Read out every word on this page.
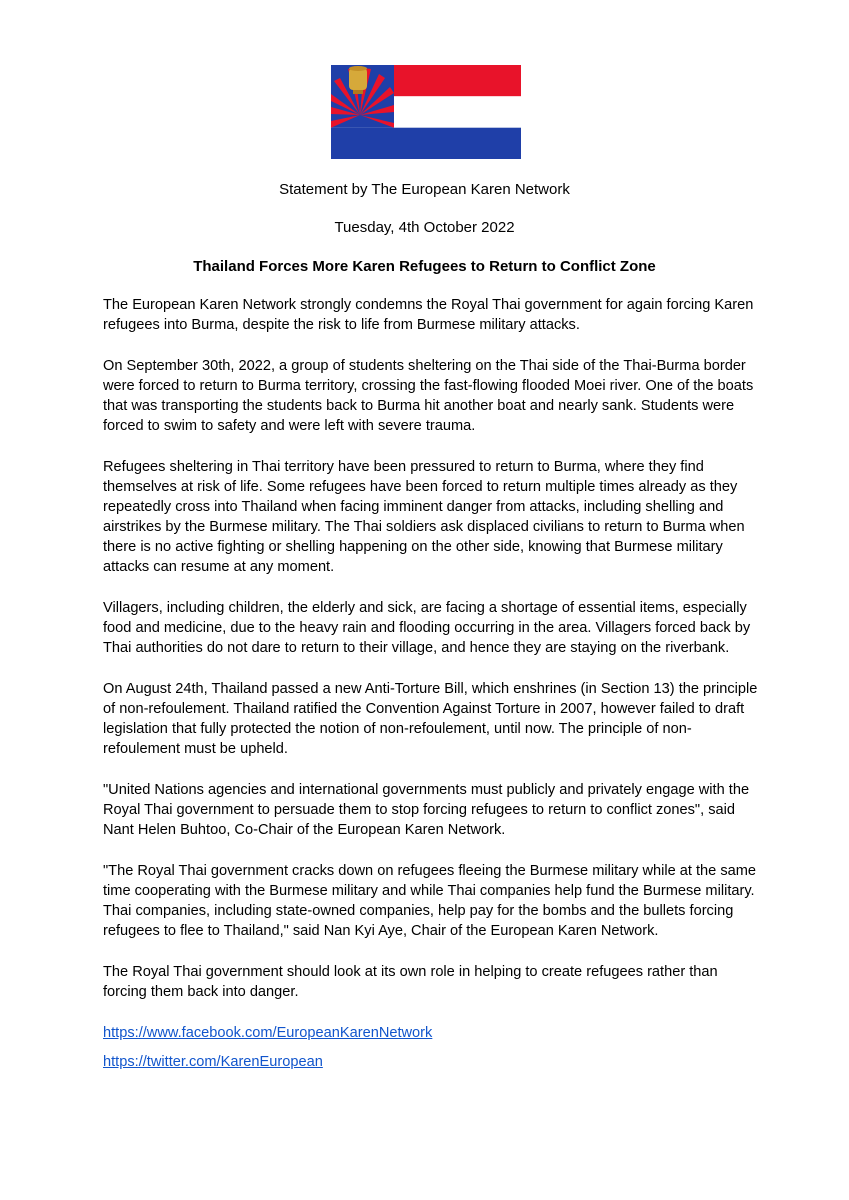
Statement by The European Karen Network

Tuesday, 4th October 2022

Thailand Forces More Karen Refugees to Return to Conflict Zone

The European Karen Network strongly condemns the Royal Thai government for again forcing Karen refugees into Burma, despite the risk to life from Burmese military attacks.

On September 30th, 2022, a group of students sheltering on the Thai side of the Thai-Burma border were forced to return to Burma territory, crossing the fast-flowing flooded Moei river. One of the boats that was transporting the students back to Burma hit another boat and nearly sank. Students were forced to swim to safety and were left with severe trauma.

Refugees sheltering in Thai territory have been pressured to return to Burma, where they find themselves at risk of life. Some refugees have been forced to return multiple times already as they repeatedly cross into Thailand when facing imminent danger from attacks, including shelling and airstrikes by the Burmese military. The Thai soldiers ask displaced civilians to return to Burma when there is no active fighting or shelling happening on the other side, knowing that Burmese military attacks can resume at any moment.

Villagers, including children, the elderly and sick, are facing a shortage of essential items, especially food and medicine, due to the heavy rain and flooding occurring in the area. Villagers forced back by Thai authorities do not dare to return to their village, and hence they are staying on the riverbank.

On August 24th, Thailand passed a new Anti-Torture Bill, which enshrines (in Section 13) the principle of non-refoulement. Thailand ratified the Convention Against Torture in 2007, however failed to draft legislation that fully protected the notion of non-refoulement, until now. The principle of non-refoulement must be upheld.

"United Nations agencies and international governments must publicly and privately engage with the Royal Thai government to persuade them to stop forcing refugees to return to conflict zones", said Nant Helen Buhtoo, Co-Chair of the European Karen Network.

"The Royal Thai government cracks down on refugees fleeing the Burmese military while at the same time cooperating with the Burmese military and while Thai companies help fund the Burmese military. Thai companies, including state-owned companies, help pay for the bombs and the bullets forcing refugees to flee to Thailand," said Nan Kyi Aye, Chair of the European Karen Network.

The Royal Thai government should look at its own role in helping to create refugees rather than forcing them back into danger.

https://www.facebook.com/EuropeanKarenNetwork

https://twitter.com/KarenEuropean
